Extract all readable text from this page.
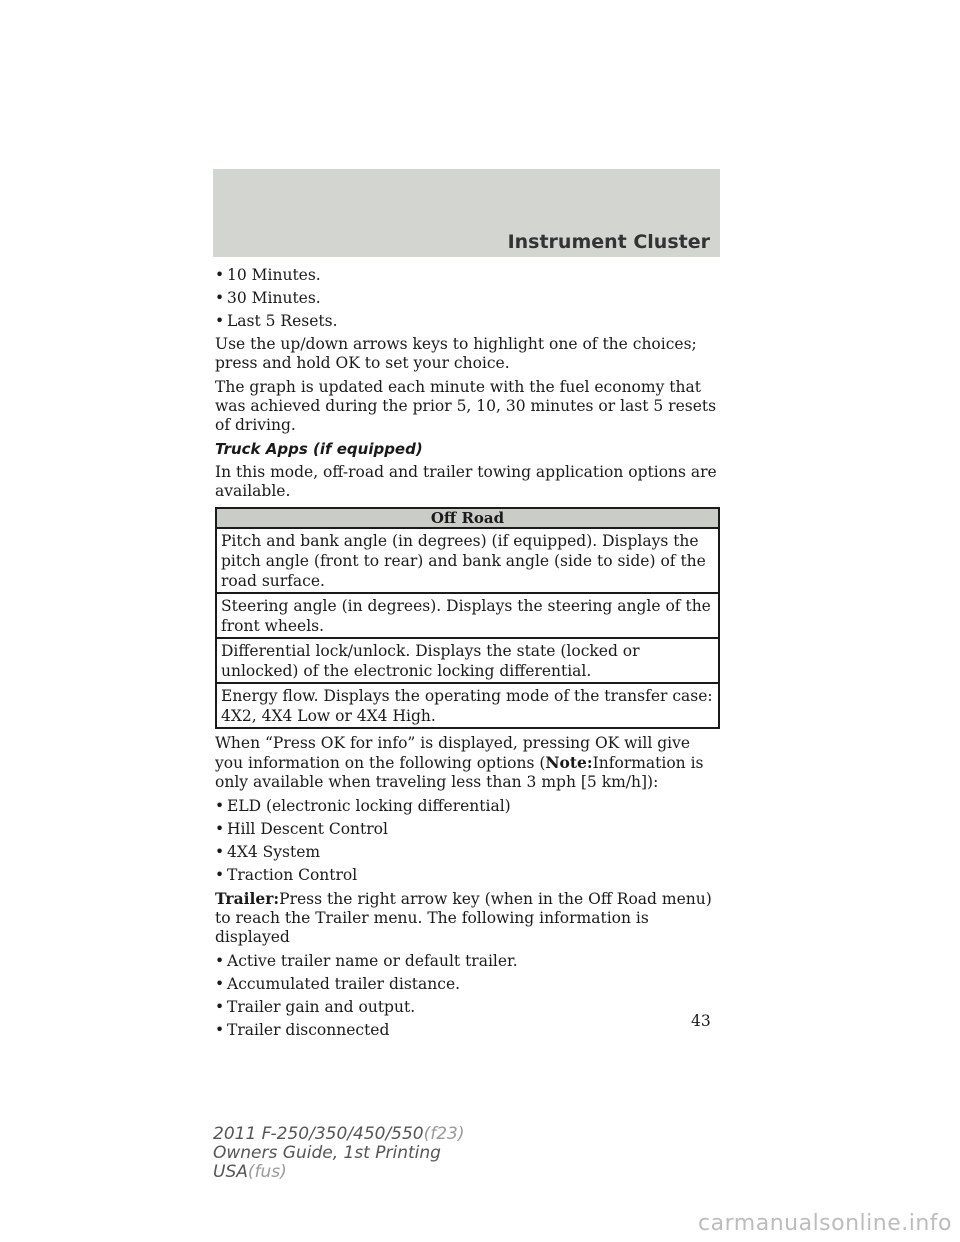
Instrument Cluster
• 10 Minutes.
• 30 Minutes.
• Last 5 Resets.

Use the up/down arrows keys to highlight one of the choices; press and hold OK to set your choice.

The graph is updated each minute with the fuel economy that was achieved during the prior 5, 10, 30 minutes or last 5 resets of driving.

Truck Apps (if equipped)

In this mode, off-road and trailer towing application options are available.

Off Road
Pitch and bank angle (in degrees) (if equipped). Displays the pitch angle (front to rear) and bank angle (side to side) of the road surface.
Steering angle (in degrees). Displays the steering angle of the front wheels.
Differential lock/unlock. Displays the state (locked or unlocked) of the electronic locking differential.
Energy flow. Displays the operating mode of the transfer case: 4X2, 4X4 Low or 4X4 High.

When “Press OK for info” is displayed, pressing OK will give you information on the following options (Note:Information is only available when traveling less than 3 mph [5 km/h]):

• ELD (electronic locking differential)
• Hill Descent Control
• 4X4 System
• Traction Control

Trailer:Press the right arrow key (when in the Off Road menu) to reach the Trailer menu. The following information is displayed

• Active trailer name or default trailer.
• Accumulated trailer distance.
• Trailer gain and output.
• Trailer disconnected	43
2011 F-250/350/450/550(f23)
Owners Guide, 1st Printing
USA(fus)
carmanualsonline.info
